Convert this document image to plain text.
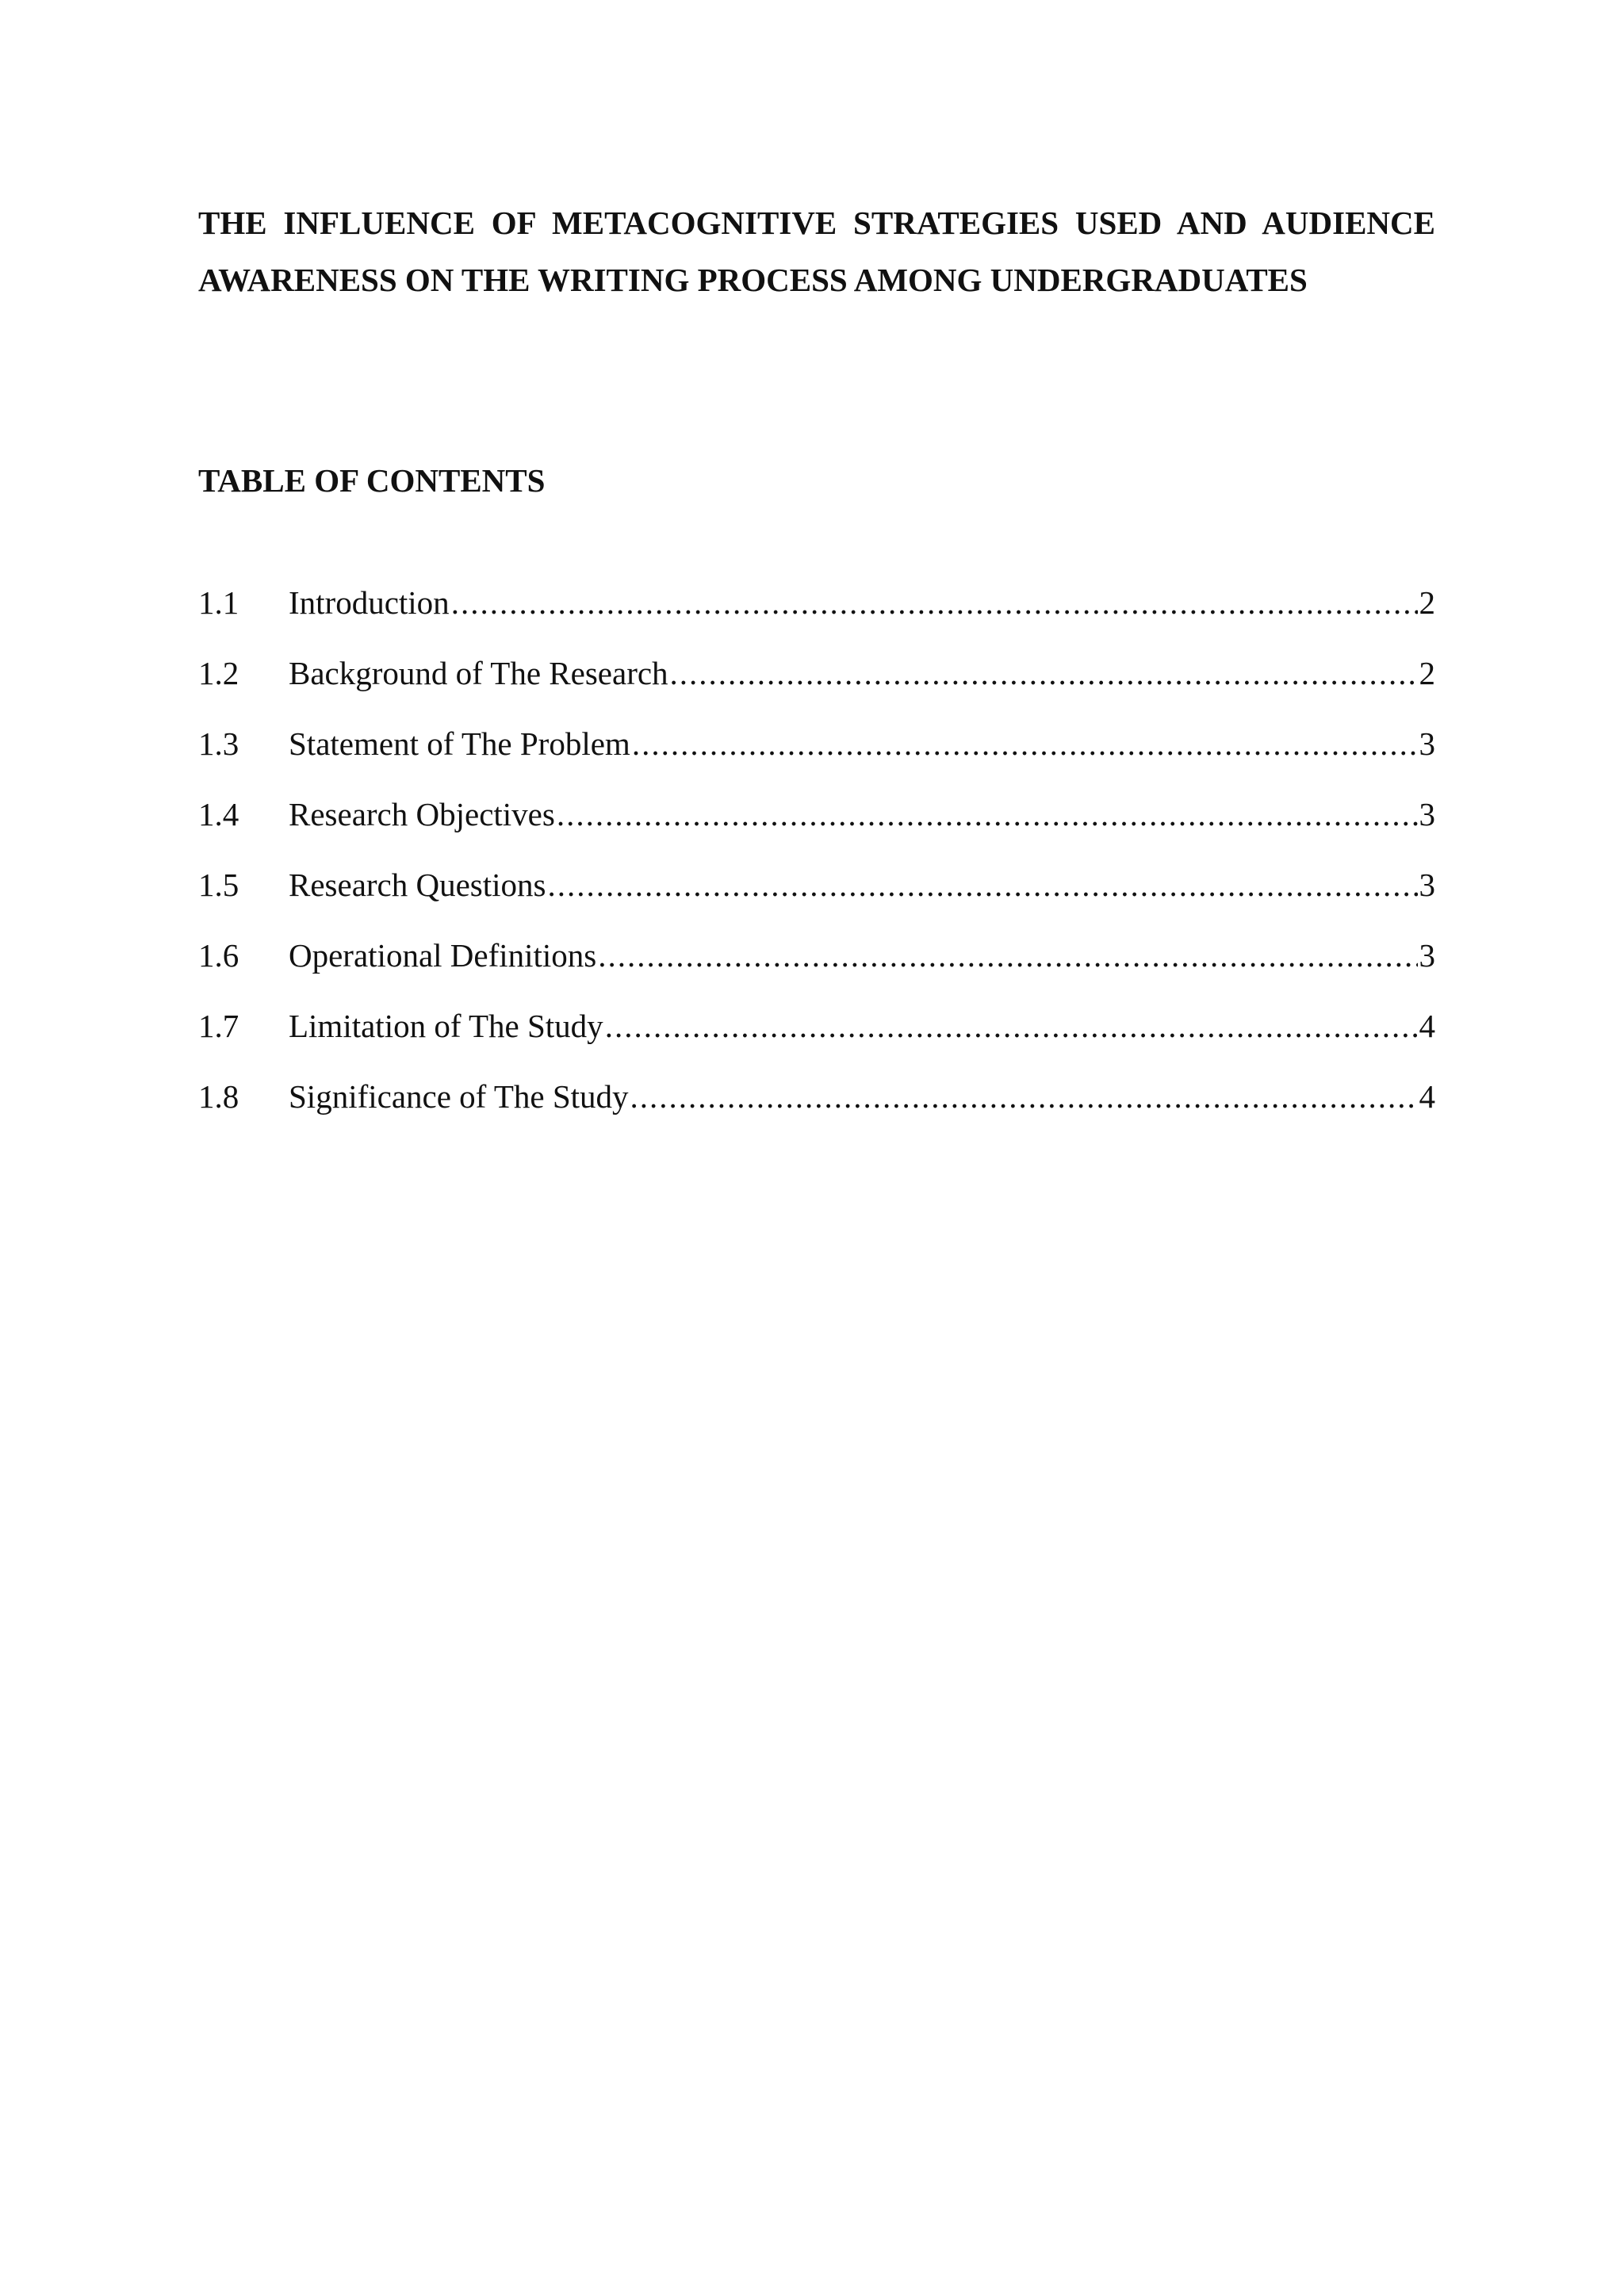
THE INFLUENCE OF METACOGNITIVE STRATEGIES USED AND AUDIENCE
AWARENESS ON THE WRITING PROCESS AMONG UNDERGRADUATES
TABLE OF CONTENTS
1.1	Introduction .....	2
1.2	Background of The Research .....	2
1.3	Statement of The Problem .....	3
1.4	Research Objectives .....	3
1.5	Research Questions .....	3
1.6	Operational Definitions .....	3
1.7	Limitation of The Study .....	4
1.8	Significance of The Study .....	4
